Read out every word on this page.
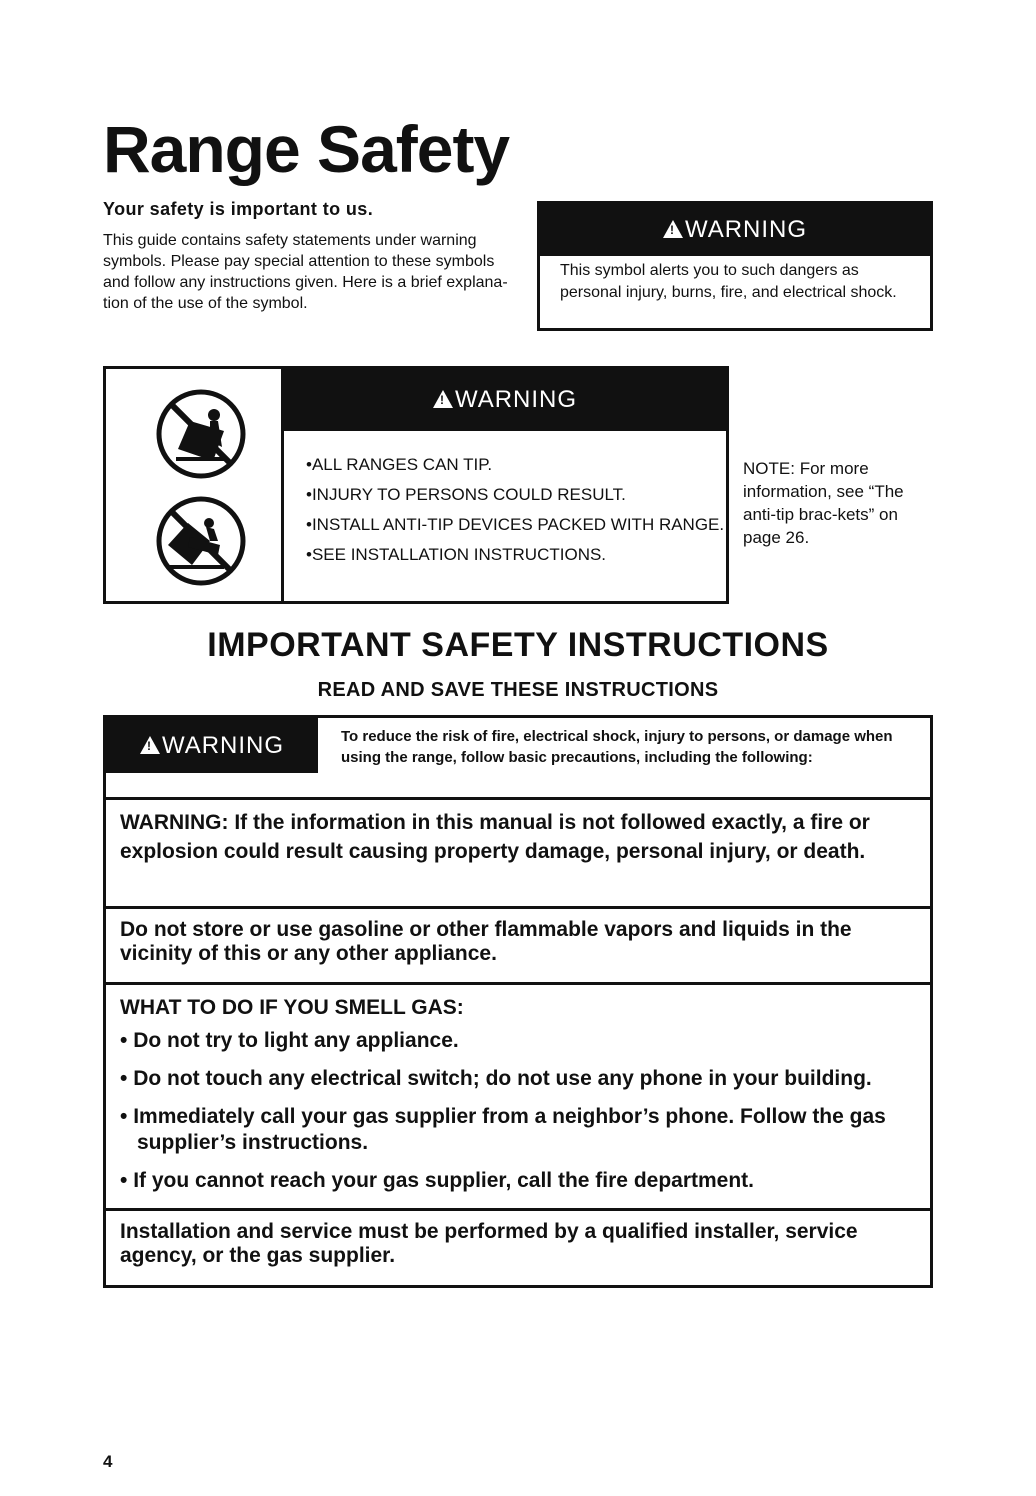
Range Safety

Your safety is important to us.

This guide contains safety statements under warning symbols. Please pay special attention to these symbols and follow any instructions given. Here is a brief explana-tion of the use of the symbol.

!
WARNING

This symbol alerts you to such dangers as personal injury, burns, fire, and electrical shock.

!
WARNING
•ALL RANGES CAN TIP.
•INJURY TO PERSONS COULD RESULT.
•INSTALL ANTI-TIP DEVICES PACKED WITH RANGE.
•SEE INSTALLATION INSTRUCTIONS.

NOTE: For more information, see “The anti-tip brac-kets” on page 26.

IMPORTANT SAFETY INSTRUCTIONS

READ AND SAVE THESE INSTRUCTIONS

!
WARNING	To reduce the risk of fire, electrical shock, injury to persons, or damage when using the range, follow basic precautions, including the following:

WARNING: If the information in this manual is not followed exactly, a fire or explosion could result causing property damage, personal injury, or death.

Do not store or use gasoline or other flammable vapors and liquids in the vicinity of this or any other appliance.

WHAT TO DO IF YOU SMELL GAS:

• Do not try to light any appliance.
• Do not touch any electrical switch; do not use any phone in your building.
• Immediately call your gas supplier from a neighbor’s phone. Follow the gas supplier’s instructions.
• If you cannot reach your gas supplier, call the fire department.

Installation and service must be performed by a qualified installer, service agency, or the gas supplier.

4
